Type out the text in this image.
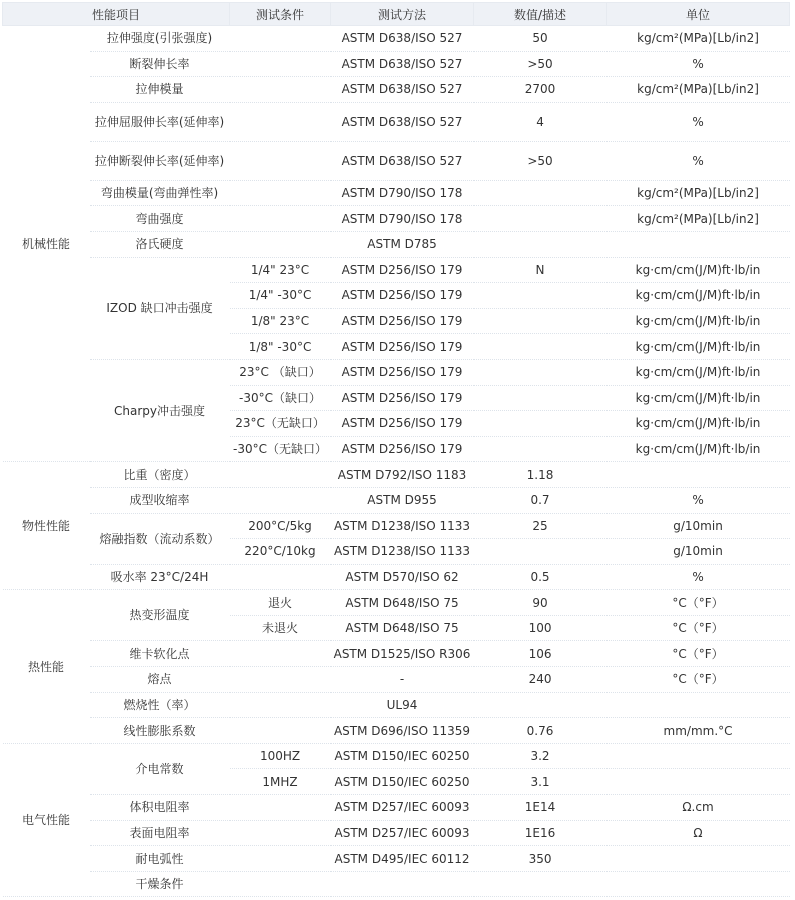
性能项目		测试条件	测试方法	数值/描述	单位
机械性能	拉伸强度(引张强度)		ASTM D638/ISO 527	50	kg/cm²(MPa)[Lb/in2]
	断裂伸长率		ASTM D638/ISO 527	>50	%
	拉伸模量		ASTM D638/ISO 527	2700	kg/cm²(MPa)[Lb/in2]
	拉伸屈服伸长率(延伸率)		ASTM D638/ISO 527	4	%
	拉伸断裂伸长率(延伸率)		ASTM D638/ISO 527	>50	%
	弯曲模量(弯曲弹性率)		ASTM D790/ISO 178		kg/cm²(MPa)[Lb/in2]
	弯曲强度		ASTM D790/ISO 178		kg/cm²(MPa)[Lb/in2]
	洛氏硬度		ASTM D785		
	IZOD 缺口冲击强度	1/4" 23°C	ASTM D256/ISO 179	N	kg·cm/cm(J/M)ft·lb/in
		1/4" -30°C	ASTM D256/ISO 179		kg·cm/cm(J/M)ft·lb/in
		1/8" 23°C	ASTM D256/ISO 179		kg·cm/cm(J/M)ft·lb/in
		1/8" -30°C	ASTM D256/ISO 179		kg·cm/cm(J/M)ft·lb/in
	Charpy冲击强度	23°C （缺口）	ASTM D256/ISO 179		kg·cm/cm(J/M)ft·lb/in
		-30°C（缺口）	ASTM D256/ISO 179		kg·cm/cm(J/M)ft·lb/in
		23°C（无缺口）	ASTM D256/ISO 179		kg·cm/cm(J/M)ft·lb/in
		-30°C（无缺口）	ASTM D256/ISO 179		kg·cm/cm(J/M)ft·lb/in
物性性能	比重（密度）		ASTM D792/ISO 1183	1.18	
	成型收缩率		ASTM D955	0.7	%
	熔融指数（流动系数）	200°C/5kg	ASTM D1238/ISO 1133	25	g/10min
		220°C/10kg	ASTM D1238/ISO 1133		g/10min
	吸水率 23°C/24H		ASTM D570/ISO 62	0.5	%
热性能	热变形温度	退火	ASTM D648/ISO 75	90	°C（°F）
		未退火	ASTM D648/ISO 75	100	°C（°F）
	维卡软化点		ASTM D1525/ISO R306	106	°C（°F）
	熔点		-	240	°C（°F）
	燃烧性（率）		UL94		
	线性膨胀系数		ASTM D696/ISO 11359	0.76	mm/mm.°C
电气性能	介电常数	100HZ	ASTM D150/IEC 60250	3.2	
		1MHZ	ASTM D150/IEC 60250	3.1	
	体积电阻率		ASTM D257/IEC 60093	1E14	Ω.cm
	表面电阻率		ASTM D257/IEC 60093	1E16	Ω
	耐电弧性		ASTM D495/IEC 60112	350	
	干燥条件				
